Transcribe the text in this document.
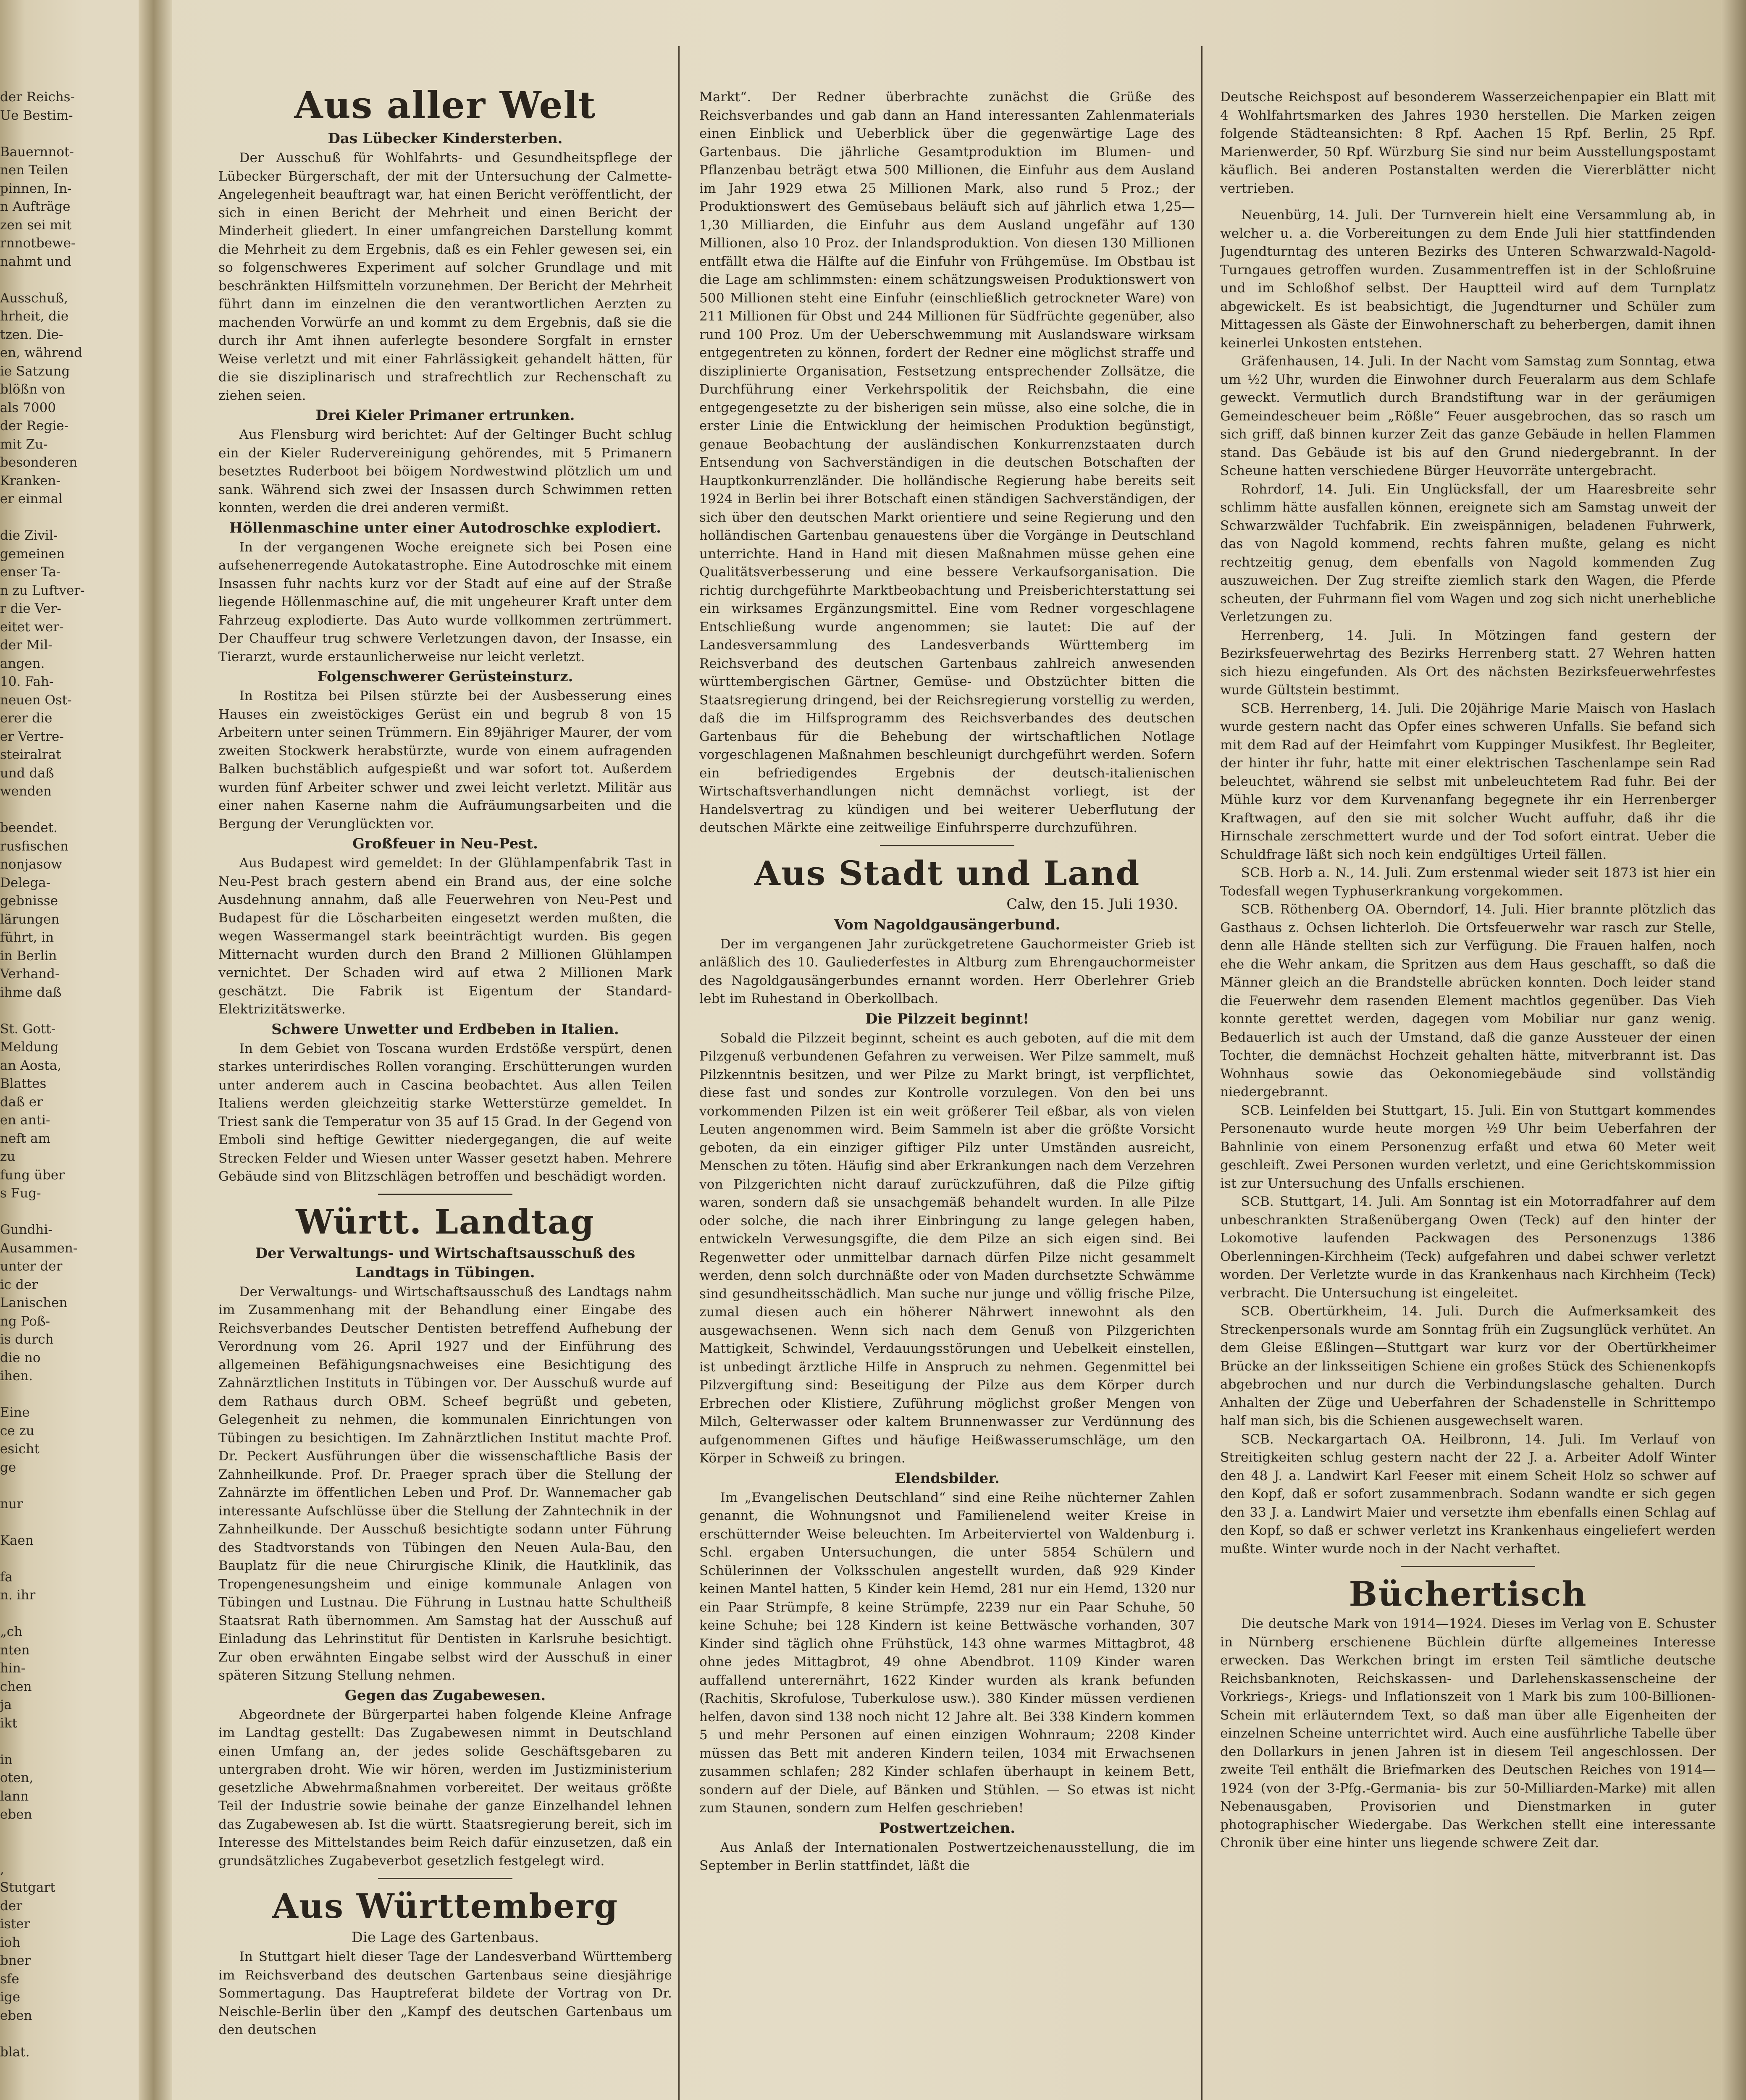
der Reichs-
Ue Bestim-

Bauernnot-
nen Teilen
pinnen, In-
n Aufträge
zen sei mit
rnnotbewe-
nahmt und

Ausschuß,
hrheit, die
tzen. Die-
en, während
ie Satzung
blößn von
als 7000
der Regie-
mit Zu-
besonderen
Kranken-
er einmal

die Zivil-
gemeinen
enser Ta-
n zu Luftver-
r die Ver-
eitet wer-
der Mil-
angen.
10. Fah-
neuen Ost-
erer die
er Vertre-
steiralrat
und daß
wenden

beendet.
rusfischen
nonjasow
Delega-
gebnisse
lärungen
führt, in
in Berlin
Verhand-
ihme daß

St. Gott-
Meldung
an Aosta,
Blattes
daß er
en anti-
neft am
zu
fung über
s Fug-

Gundhi-
Ausammen-
unter der
ic der
Lanischen
ng Poß-
is durch
die no
ihen.

Eine
ce zu
esicht
ge

nur

Kaen

fa
n. ihr

„ch
nten
hin-
chen
ja
ikt

in
oten,
lann
eben

,
Stutgart
der
ister
ioh
bner
sfe
ige
eben

blat.
Aus aller Welt
Das Lübecker Kindersterben.

Der Ausschuß für Wohlfahrts- und Gesundheitspflege der Lübecker Bürgerschaft, der mit der Untersuchung der Calmette-Angelegenheit beauftragt war, hat einen Bericht veröffentlicht, der sich in einen Bericht der Mehrheit und einen Bericht der Minderheit gliedert. In einer umfangreichen Darstellung kommt die Mehrheit zu dem Ergebnis, daß es ein Fehler gewesen sei, ein so folgenschweres Experiment auf solcher Grundlage und mit beschränkten Hilfsmitteln vorzunehmen. Der Bericht der Mehrheit führt dann im einzelnen die den verantwortlichen Aerzten zu machenden Vorwürfe an und kommt zu dem Ergebnis, daß sie die durch ihr Amt ihnen auferlegte besondere Sorgfalt in ernster Weise verletzt und mit einer Fahrlässigkeit gehandelt hätten, für die sie disziplinarisch und strafrechtlich zur Rechenschaft zu ziehen seien.

Drei Kieler Primaner ertrunken.

Aus Flensburg wird berichtet: Auf der Geltinger Bucht schlug ein der Kieler Rudervereinigung gehörendes, mit 5 Primanern besetztes Ruderboot bei böigem Nordwestwind plötzlich um und sank. Während sich zwei der Insassen durch Schwimmen retten konnten, werden die drei anderen vermißt.

Höllenmaschine unter einer Autodroschke explodiert.

In der vergangenen Woche ereignete sich bei Posen eine aufsehenerregende Autokatastrophe. Eine Autodroschke mit einem Insassen fuhr nachts kurz vor der Stadt auf eine auf der Straße liegende Höllenmaschine auf, die mit ungeheurer Kraft unter dem Fahrzeug explodierte. Das Auto wurde vollkommen zertrümmert. Der Chauffeur trug schwere Verletzungen davon, der Insasse, ein Tierarzt, wurde erstaunlicherweise nur leicht verletzt.

Folgenschwerer Gerüsteinsturz.

In Rostitza bei Pilsen stürzte bei der Ausbesserung eines Hauses ein zweistöckiges Gerüst ein und begrub 8 von 15 Arbeitern unter seinen Trümmern. Ein 89jähriger Maurer, der vom zweiten Stockwerk herabstürzte, wurde von einem aufragenden Balken buchstäblich aufgespießt und war sofort tot. Außerdem wurden fünf Arbeiter schwer und zwei leicht verletzt. Militär aus einer nahen Kaserne nahm die Aufräumungsarbeiten und die Bergung der Verunglückten vor.

Großfeuer in Neu-Pest.

Aus Budapest wird gemeldet: In der Glühlampenfabrik Tast in Neu-Pest brach gestern abend ein Brand aus, der eine solche Ausdehnung annahm, daß alle Feuerwehren von Neu-Pest und Budapest für die Löscharbeiten eingesetzt werden mußten, die wegen Wassermangel stark beeinträchtigt wurden. Bis gegen Mitternacht wurden durch den Brand 2 Millionen Glühlampen vernichtet. Der Schaden wird auf etwa 2 Millionen Mark geschätzt. Die Fabrik ist Eigentum der Standard-Elektrizitätswerke.

Schwere Unwetter und Erdbeben in Italien.

In dem Gebiet von Toscana wurden Erdstöße verspürt, denen starkes unterirdisches Rollen voranging. Erschütterungen wurden unter anderem auch in Cascina beobachtet. Aus allen Teilen Italiens werden gleichzeitig starke Wetterstürze gemeldet. In Triest sank die Temperatur von 35 auf 15 Grad. In der Gegend von Emboli sind heftige Gewitter niedergegangen, die auf weite Strecken Felder und Wiesen unter Wasser gesetzt haben. Mehrere Gebäude sind von Blitzschlägen betroffen und beschädigt worden.

Württ. Landtag
Der Verwaltungs- und Wirtschaftsausschuß des Landtags in Tübingen.

Der Verwaltungs- und Wirtschaftsausschuß des Landtags nahm im Zusammenhang mit der Behandlung einer Eingabe des Reichsverbandes Deutscher Dentisten betreffend Aufhebung der Verordnung vom 26. April 1927 und der Einführung des allgemeinen Befähigungsnachweises eine Besichtigung des Zahnärztlichen Instituts in Tübingen vor. Der Ausschuß wurde auf dem Rathaus durch OBM. Scheef begrüßt und gebeten, Gelegenheit zu nehmen, die kommunalen Einrichtungen von Tübingen zu besichtigen. Im Zahnärztlichen Institut machte Prof. Dr. Peckert Ausführungen über die wissenschaftliche Basis der Zahnheilkunde. Prof. Dr. Praeger sprach über die Stellung der Zahnärzte im öffentlichen Leben und Prof. Dr. Wannemacher gab interessante Aufschlüsse über die Stellung der Zahntechnik in der Zahnheilkunde. Der Ausschuß besichtigte sodann unter Führung des Stadtvorstands von Tübingen den Neuen Aula-Bau, den Bauplatz für die neue Chirurgische Klinik, die Hautklinik, das Tropengenesungsheim und einige kommunale Anlagen von Tübingen und Lustnau. Die Führung in Lustnau hatte Schultheiß Staatsrat Rath übernommen. Am Samstag hat der Ausschuß auf Einladung das Lehrinstitut für Dentisten in Karlsruhe besichtigt. Zur oben erwähnten Eingabe selbst wird der Ausschuß in einer späteren Sitzung Stellung nehmen.

Gegen das Zugabewesen.

Abgeordnete der Bürgerpartei haben folgende Kleine Anfrage im Landtag gestellt: Das Zugabewesen nimmt in Deutschland einen Umfang an, der jedes solide Geschäftsgebaren zu untergraben droht. Wie wir hören, werden im Justizministerium gesetzliche Abwehrmaßnahmen vorbereitet. Der weitaus größte Teil der Industrie sowie beinahe der ganze Einzelhandel lehnen das Zugabewesen ab. Ist die württ. Staatsregierung bereit, sich im Interesse des Mittelstandes beim Reich dafür einzusetzen, daß ein grundsätzliches Zugabeverbot gesetzlich festgelegt wird.

Aus Württemberg
Die Lage des Gartenbaus.

In Stuttgart hielt dieser Tage der Landesverband Württemberg im Reichsverband des deutschen Gartenbaus seine diesjährige Sommertagung. Das Hauptreferat bildete der Vortrag von Dr. Neischle-Berlin über den „Kampf des deutschen Gartenbaus um den deutschen

Markt“. Der Redner überbrachte zunächst die Grüße des Reichsverbandes und gab dann an Hand interessanten Zahlenmaterials einen Einblick und Ueberblick über die gegenwärtige Lage des Gartenbaus. Die jährliche Gesamtproduktion im Blumen- und Pflanzenbau beträgt etwa 500 Millionen, die Einfuhr aus dem Ausland im Jahr 1929 etwa 25 Millionen Mark, also rund 5 Proz.; der Produktionswert des Gemüsebaus beläuft sich auf jährlich etwa 1,25—1,30 Milliarden, die Einfuhr aus dem Ausland ungefähr auf 130 Millionen, also 10 Proz. der Inlandsproduktion. Von diesen 130 Millionen entfällt etwa die Hälfte auf die Einfuhr von Frühgemüse. Im Obstbau ist die Lage am schlimmsten: einem schätzungsweisen Produktionswert von 500 Millionen steht eine Einfuhr (einschließlich getrockneter Ware) von 211 Millionen für Obst und 244 Millionen für Südfrüchte gegenüber, also rund 100 Proz. Um der Ueberschwemmung mit Auslandsware wirksam entgegentreten zu können, fordert der Redner eine möglichst straffe und disziplinierte Organisation, Festsetzung entsprechender Zollsätze, die Durchführung einer Verkehrspolitik der Reichsbahn, die eine entgegengesetzte zu der bisherigen sein müsse, also eine solche, die in erster Linie die Entwicklung der heimischen Produktion begünstigt, genaue Beobachtung der ausländischen Konkurrenzstaaten durch Entsendung von Sachverständigen in die deutschen Botschaften der Hauptkonkurrenzländer. Die holländische Regierung habe bereits seit 1924 in Berlin bei ihrer Botschaft einen ständigen Sachverständigen, der sich über den deutschen Markt orientiere und seine Regierung und den holländischen Gartenbau genauestens über die Vorgänge in Deutschland unterrichte. Hand in Hand mit diesen Maßnahmen müsse gehen eine Qualitätsverbesserung und eine bessere Verkaufsorganisation. Die richtig durchgeführte Marktbeobachtung und Preisberichterstattung sei ein wirksames Ergänzungsmittel. Eine vom Redner vorgeschlagene Entschließung wurde angenommen; sie lautet: Die auf der Landesversammlung des Landesverbands Württemberg im Reichsverband des deutschen Gartenbaus zahlreich anwesenden württembergischen Gärtner, Gemüse- und Obstzüchter bitten die Staatsregierung dringend, bei der Reichsregierung vorstellig zu werden, daß die im Hilfsprogramm des Reichsverbandes des deutschen Gartenbaus für die Behebung der wirtschaftlichen Notlage vorgeschlagenen Maßnahmen beschleunigt durchgeführt werden. Sofern ein befriedigendes Ergebnis der deutsch-italienischen Wirtschaftsverhandlungen nicht demnächst vorliegt, ist der Handelsvertrag zu kündigen und bei weiterer Ueberflutung der deutschen Märkte eine zeitweilige Einfuhrsperre durchzuführen.

Aus Stadt und Land
Calw, den 15. Juli 1930.
Vom Nagoldgausängerbund.

Der im vergangenen Jahr zurückgetretene Gauchormeister Grieb ist anläßlich des 10. Gauliederfestes in Altburg zum Ehrengauchormeister des Nagoldgausängerbundes ernannt worden. Herr Oberlehrer Grieb lebt im Ruhestand in Oberkollbach.

Die Pilzzeit beginnt!

Sobald die Pilzzeit beginnt, scheint es auch geboten, auf die mit dem Pilzgenuß verbundenen Gefahren zu verweisen. Wer Pilze sammelt, muß Pilzkenntnis besitzen, und wer Pilze zu Markt bringt, ist verpflichtet, diese fast und sondes zur Kontrolle vorzulegen. Von den bei uns vorkommenden Pilzen ist ein weit größerer Teil eßbar, als von vielen Leuten angenommen wird. Beim Sammeln ist aber die größte Vorsicht geboten, da ein einziger giftiger Pilz unter Umständen ausreicht, Menschen zu töten. Häufig sind aber Erkrankungen nach dem Verzehren von Pilzgerichten nicht darauf zurückzuführen, daß die Pilze giftig waren, sondern daß sie unsachgemäß behandelt wurden. In alle Pilze oder solche, die nach ihrer Einbringung zu lange gelegen haben, entwickeln Verwesungsgifte, die dem Pilze an sich eigen sind. Bei Regenwetter oder unmittelbar darnach dürfen Pilze nicht gesammelt werden, denn solch durchnäßte oder von Maden durchsetzte Schwämme sind gesundheitsschädlich. Man suche nur junge und völlig frische Pilze, zumal diesen auch ein höherer Nährwert innewohnt als den ausgewachsenen. Wenn sich nach dem Genuß von Pilzgerichten Mattigkeit, Schwindel, Verdauungsstörungen und Uebelkeit einstellen, ist unbedingt ärztliche Hilfe in Anspruch zu nehmen. Gegenmittel bei Pilzvergiftung sind: Beseitigung der Pilze aus dem Körper durch Erbrechen oder Klistiere, Zuführung möglichst großer Mengen von Milch, Gelterwasser oder kaltem Brunnenwasser zur Verdünnung des aufgenommenen Giftes und häufige Heißwasserumschläge, um den Körper in Schweiß zu bringen.

Elendsbilder.

Im „Evangelischen Deutschland“ sind eine Reihe nüchterner Zahlen genannt, die Wohnungsnot und Familienelend weiter Kreise in erschütternder Weise beleuchten. Im Arbeiterviertel von Waldenburg i. Schl. ergaben Untersuchungen, die unter 5854 Schülern und Schülerinnen der Volksschulen angestellt wurden, daß 929 Kinder keinen Mantel hatten, 5 Kinder kein Hemd, 281 nur ein Hemd, 1320 nur ein Paar Strümpfe, 8 keine Strümpfe, 2239 nur ein Paar Schuhe, 50 keine Schuhe; bei 128 Kindern ist keine Bettwäsche vorhanden, 307 Kinder sind täglich ohne Frühstück, 143 ohne warmes Mittagbrot, 48 ohne jedes Mittagbrot, 49 ohne Abendbrot. 1109 Kinder waren auffallend unterernährt, 1622 Kinder wurden als krank befunden (Rachitis, Skrofulose, Tuberkulose usw.). 380 Kinder müssen verdienen helfen, davon sind 138 noch nicht 12 Jahre alt. Bei 338 Kindern kommen 5 und mehr Personen auf einen einzigen Wohnraum; 2208 Kinder müssen das Bett mit anderen Kindern teilen, 1034 mit Erwachsenen zusammen schlafen; 282 Kinder schlafen überhaupt in keinem Bett, sondern auf der Diele, auf Bänken und Stühlen. — So etwas ist nicht zum Staunen, sondern zum Helfen geschrieben!

Postwertzeichen.

Aus Anlaß der Internationalen Postwertzeichenausstellung, die im September in Berlin stattfindet, läßt die

Deutsche Reichspost auf besonderem Wasserzeichenpapier ein Blatt mit 4 Wohlfahrtsmarken des Jahres 1930 herstellen. Die Marken zeigen folgende Städteansichten: 8 Rpf. Aachen 15 Rpf. Berlin, 25 Rpf. Marienwerder, 50 Rpf. Würzburg Sie sind nur beim Ausstellungspostamt käuflich. Bei anderen Postanstalten werden die Viererblätter nicht vertrieben.

Neuenbürg, 14. Juli. Der Turnverein hielt eine Versammlung ab, in welcher u. a. die Vorbereitungen zu dem Ende Juli hier stattfindenden Jugendturntag des unteren Bezirks des Unteren Schwarzwald-Nagold-Turngaues getroffen wurden. Zusammentreffen ist in der Schloßruine und im Schloßhof selbst. Der Hauptteil wird auf dem Turnplatz abgewickelt. Es ist beabsichtigt, die Jugendturner und Schüler zum Mittagessen als Gäste der Einwohnerschaft zu beherbergen, damit ihnen keinerlei Unkosten entstehen.

Gräfenhausen, 14. Juli. In der Nacht vom Samstag zum Sonntag, etwa um ½2 Uhr, wurden die Einwohner durch Feueralarm aus dem Schlafe geweckt. Vermutlich durch Brandstiftung war in der geräumigen Gemeindescheuer beim „Rößle“ Feuer ausgebrochen, das so rasch um sich griff, daß binnen kurzer Zeit das ganze Gebäude in hellen Flammen stand. Das Gebäude ist bis auf den Grund niedergebrannt. In der Scheune hatten verschiedene Bürger Heuvorräte untergebracht.

Rohrdorf, 14. Juli. Ein Unglücksfall, der um Haaresbreite sehr schlimm hätte ausfallen können, ereignete sich am Samstag unweit der Schwarzwälder Tuchfabrik. Ein zweispännigen, beladenen Fuhrwerk, das von Nagold kommend, rechts fahren mußte, gelang es nicht rechtzeitig genug, dem ebenfalls von Nagold kommenden Zug auszuweichen. Der Zug streifte ziemlich stark den Wagen, die Pferde scheuten, der Fuhrmann fiel vom Wagen und zog sich nicht unerhebliche Verletzungen zu.

Herrenberg, 14. Juli. In Mötzingen fand gestern der Bezirksfeuerwehrtag des Bezirks Herrenberg statt. 27 Wehren hatten sich hiezu eingefunden. Als Ort des nächsten Bezirksfeuerwehrfestes wurde Gültstein bestimmt.

SCB. Herrenberg, 14. Juli. Die 20jährige Marie Maisch von Haslach wurde gestern nacht das Opfer eines schweren Unfalls. Sie befand sich mit dem Rad auf der Heimfahrt vom Kuppinger Musikfest. Ihr Begleiter, der hinter ihr fuhr, hatte mit einer elektrischen Taschenlampe sein Rad beleuchtet, während sie selbst mit unbeleuchtetem Rad fuhr. Bei der Mühle kurz vor dem Kurvenanfang begegnete ihr ein Herrenberger Kraftwagen, auf den sie mit solcher Wucht auffuhr, daß ihr die Hirnschale zerschmettert wurde und der Tod sofort eintrat. Ueber die Schuldfrage läßt sich noch kein endgültiges Urteil fällen.

SCB. Horb a. N., 14. Juli. Zum erstenmal wieder seit 1873 ist hier ein Todesfall wegen Typhuserkrankung vorgekommen.

SCB. Röthenberg OA. Oberndorf, 14. Juli. Hier brannte plötzlich das Gasthaus z. Ochsen lichterloh. Die Ortsfeuerwehr war rasch zur Stelle, denn alle Hände stellten sich zur Verfügung. Die Frauen halfen, noch ehe die Wehr ankam, die Spritzen aus dem Haus geschafft, so daß die Männer gleich an die Brandstelle abrücken konnten. Doch leider stand die Feuerwehr dem rasenden Element machtlos gegenüber. Das Vieh konnte gerettet werden, dagegen vom Mobiliar nur ganz wenig. Bedauerlich ist auch der Umstand, daß die ganze Aussteuer der einen Tochter, die demnächst Hochzeit gehalten hätte, mitverbrannt ist. Das Wohnhaus sowie das Oekonomiegebäude sind vollständig niedergebrannt.

SCB. Leinfelden bei Stuttgart, 15. Juli. Ein von Stuttgart kommendes Personenauto wurde heute morgen ½9 Uhr beim Ueberfahren der Bahnlinie von einem Personenzug erfaßt und etwa 60 Meter weit geschleift. Zwei Personen wurden verletzt, und eine Gerichtskommission ist zur Untersuchung des Unfalls erschienen.

SCB. Stuttgart, 14. Juli. Am Sonntag ist ein Motorradfahrer auf dem unbeschrankten Straßenübergang Owen (Teck) auf den hinter der Lokomotive laufenden Packwagen des Personenzugs 1386 Oberlenningen-Kirchheim (Teck) aufgefahren und dabei schwer verletzt worden. Der Verletzte wurde in das Krankenhaus nach Kirchheim (Teck) verbracht. Die Untersuchung ist eingeleitet.

SCB. Obertürkheim, 14. Juli. Durch die Aufmerksamkeit des Streckenpersonals wurde am Sonntag früh ein Zugsunglück verhütet. An dem Gleise Eßlingen—Stuttgart war kurz vor der Obertürkheimer Brücke an der linksseitigen Schiene ein großes Stück des Schienenkopfs abgebrochen und nur durch die Verbindungslasche gehalten. Durch Anhalten der Züge und Ueberfahren der Schadenstelle in Schrittempo half man sich, bis die Schienen ausgewechselt waren.

SCB. Neckargartach OA. Heilbronn, 14. Juli. Im Verlauf von Streitigkeiten schlug gestern nacht der 22 J. a. Arbeiter Adolf Winter den 48 J. a. Landwirt Karl Feeser mit einem Scheit Holz so schwer auf den Kopf, daß er sofort zusammenbrach. Sodann wandte er sich gegen den 33 J. a. Landwirt Maier und versetzte ihm ebenfalls einen Schlag auf den Kopf, so daß er schwer verletzt ins Krankenhaus eingeliefert werden mußte. Winter wurde noch in der Nacht verhaftet.

Büchertisch

Die deutsche Mark von 1914—1924. Dieses im Verlag von E. Schuster in Nürnberg erschienene Büchlein dürfte allgemeines Interesse erwecken. Das Werkchen bringt im ersten Teil sämtliche deutsche Reichsbanknoten, Reichskassen- und Darlehenskassenscheine der Vorkriegs-, Kriegs- und Inflationszeit von 1 Mark bis zum 100-Billionen-Schein mit erläuterndem Text, so daß man über alle Eigenheiten der einzelnen Scheine unterrichtet wird. Auch eine ausführliche Tabelle über den Dollarkurs in jenen Jahren ist in diesem Teil angeschlossen. Der zweite Teil enthält die Briefmarken des Deutschen Reiches von 1914—1924 (von der 3-Pfg.-Germania- bis zur 50-Milliarden-Marke) mit allen Nebenausgaben, Provisorien und Dienstmarken in guter photographischer Wiedergabe. Das Werkchen stellt eine interessante Chronik über eine hinter uns liegende schwere Zeit dar.
